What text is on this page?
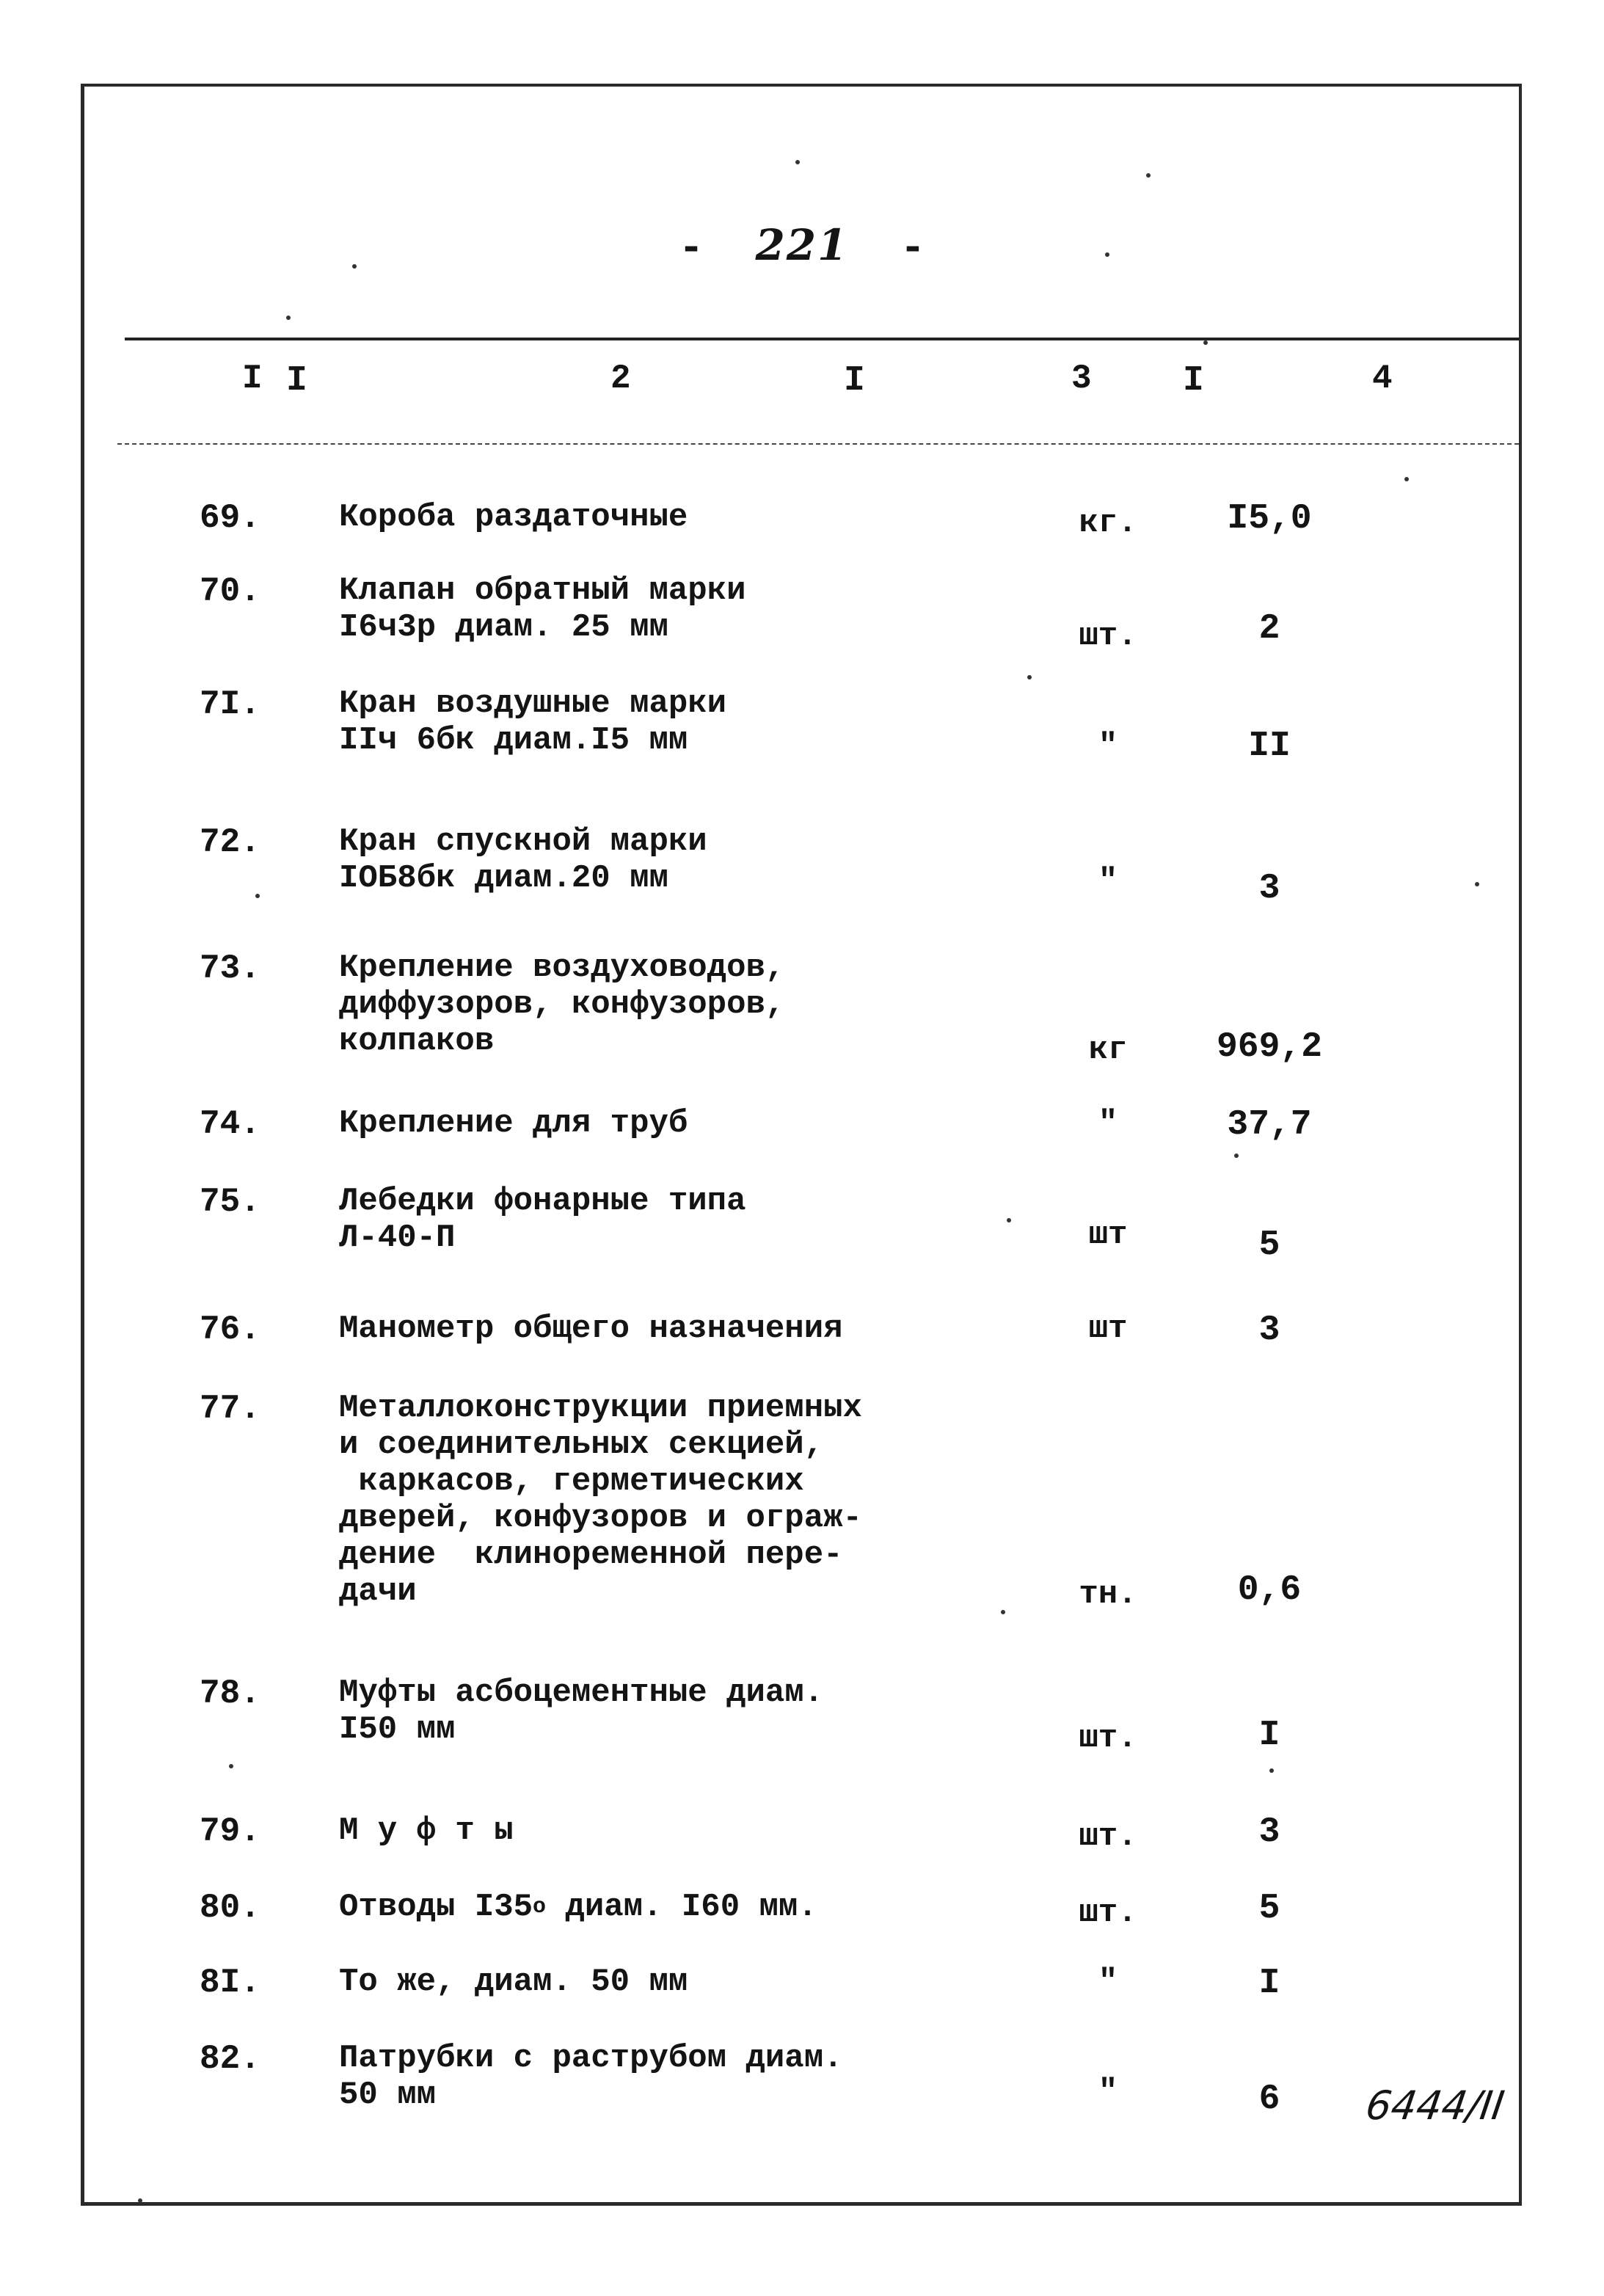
- 221 -
I I	2	I	3	I	4
69. Короба раздаточные	кг.	I5,0
70. Клапан обратный марки
I6ч3р диам. 25 мм	шт.	2
7I. Кран воздушные марки
IIч 6бк диам.I5 мм	"	II
72. Кран спускной марки
IОБ8бк диам.20 мм	"	3
73. Крепление воздуховодов,
диффузоров, конфузоров,
колпаков	кг	969,2
74. Крепление для труб	"	37,7
75. Лебедки фонарные типа
Л-40-П	шт	5
76. Манометр общего назначения	шт	3
77. Металлоконструкции приемных
и соединительных секцией,
каркасов, герметических
дверей, конфузоров и ограж-
дение  клиноременной пере-
дачи	тн.	0,6
78. Муфты асбоцементные диам.
I50 мм	шт.	I
79. М у ф т ы	шт.	3
80. Отводы $I35^о$ диам. I60 мм.	шт.	5
8I. То же, диам. 50 мм	"	I
82. Патрубки с раструбом диам.
50 мм	"	6	6444/II
